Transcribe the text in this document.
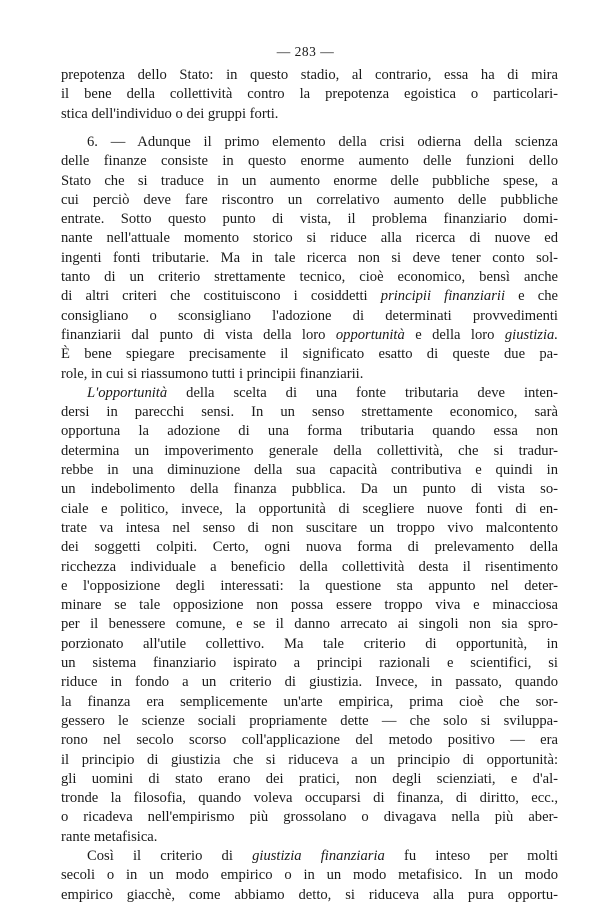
— 283 —
prepotenza dello Stato: in questo stadio, al contrario, essa ha di mira
il bene della collettività contro la prepotenza egoistica o particolari-
stica dell'individuo o dei gruppi forti.
6. — Adunque il primo elemento della crisi odierna della scienza
delle finanze consiste in questo enorme aumento delle funzioni dello
Stato che si traduce in un aumento enorme delle pubbliche spese, a
cui perciò deve fare riscontro un correlativo aumento delle pubbliche
entrate. Sotto questo punto di vista, il problema finanziario domi-
nante nell'attuale momento storico si riduce alla ricerca di nuove ed
ingenti fonti tributarie. Ma in tale ricerca non si deve tener conto sol-
tanto di un criterio strettamente tecnico, cioè economico, bensì anche
di altri criteri che costituiscono i cosiddetti principii finanziarii e che
consigliano o sconsigliano l'adozione di determinati provvedimenti
finanziarii dal punto di vista della loro opportunità e della loro giustizia.
È bene spiegare precisamente il significato esatto di queste due pa-
role, in cui si riassumono tutti i principii finanziarii.
L'opportunità della scelta di una fonte tributaria deve inten-
dersi in parecchi sensi. In un senso strettamente economico, sarà
opportuna la adozione di una forma tributaria quando essa non
determina un impoverimento generale della collettività, che si tradur-
rebbe in una diminuzione della sua capacità contributiva e quindi in
un indebolimento della finanza pubblica. Da un punto di vista so-
ciale e politico, invece, la opportunità di scegliere nuove fonti di en-
trate va intesa nel senso di non suscitare un troppo vivo malcontento
dei soggetti colpiti. Certo, ogni nuova forma di prelevamento della
ricchezza individuale a beneficio della collettività desta il risentimento
e l'opposizione degli interessati: la questione sta appunto nel deter-
minare se tale opposizione non possa essere troppo viva e minacciosa
per il benessere comune, e se il danno arrecato ai singoli non sia spro-
porzionato all'utile collettivo. Ma tale criterio di opportunità, in
un sistema finanziario ispirato a principi razionali e scientifici, si
riduce in fondo a un criterio di giustizia. Invece, in passato, quando
la finanza era semplicemente un'arte empirica, prima cioè che sor-
gessero le scienze sociali propriamente dette — che solo si sviluppa-
rono nel secolo scorso coll'applicazione del metodo positivo — era
il principio di giustizia che si riduceva a un principio di opportunità:
gli uomini di stato erano dei pratici, non degli scienziati, e d'al-
tronde la filosofia, quando voleva occuparsi di finanza, di diritto, ecc.,
o ricadeva nell'empirismo più grossolano o divagava nella più aber-
rante metafisica.
Così il criterio di giustizia finanziaria fu inteso per molti
secoli o in un modo empirico o in un modo metafisico. In un modo
empirico giacchè, come abbiamo detto, si riduceva alla pura opportu-
